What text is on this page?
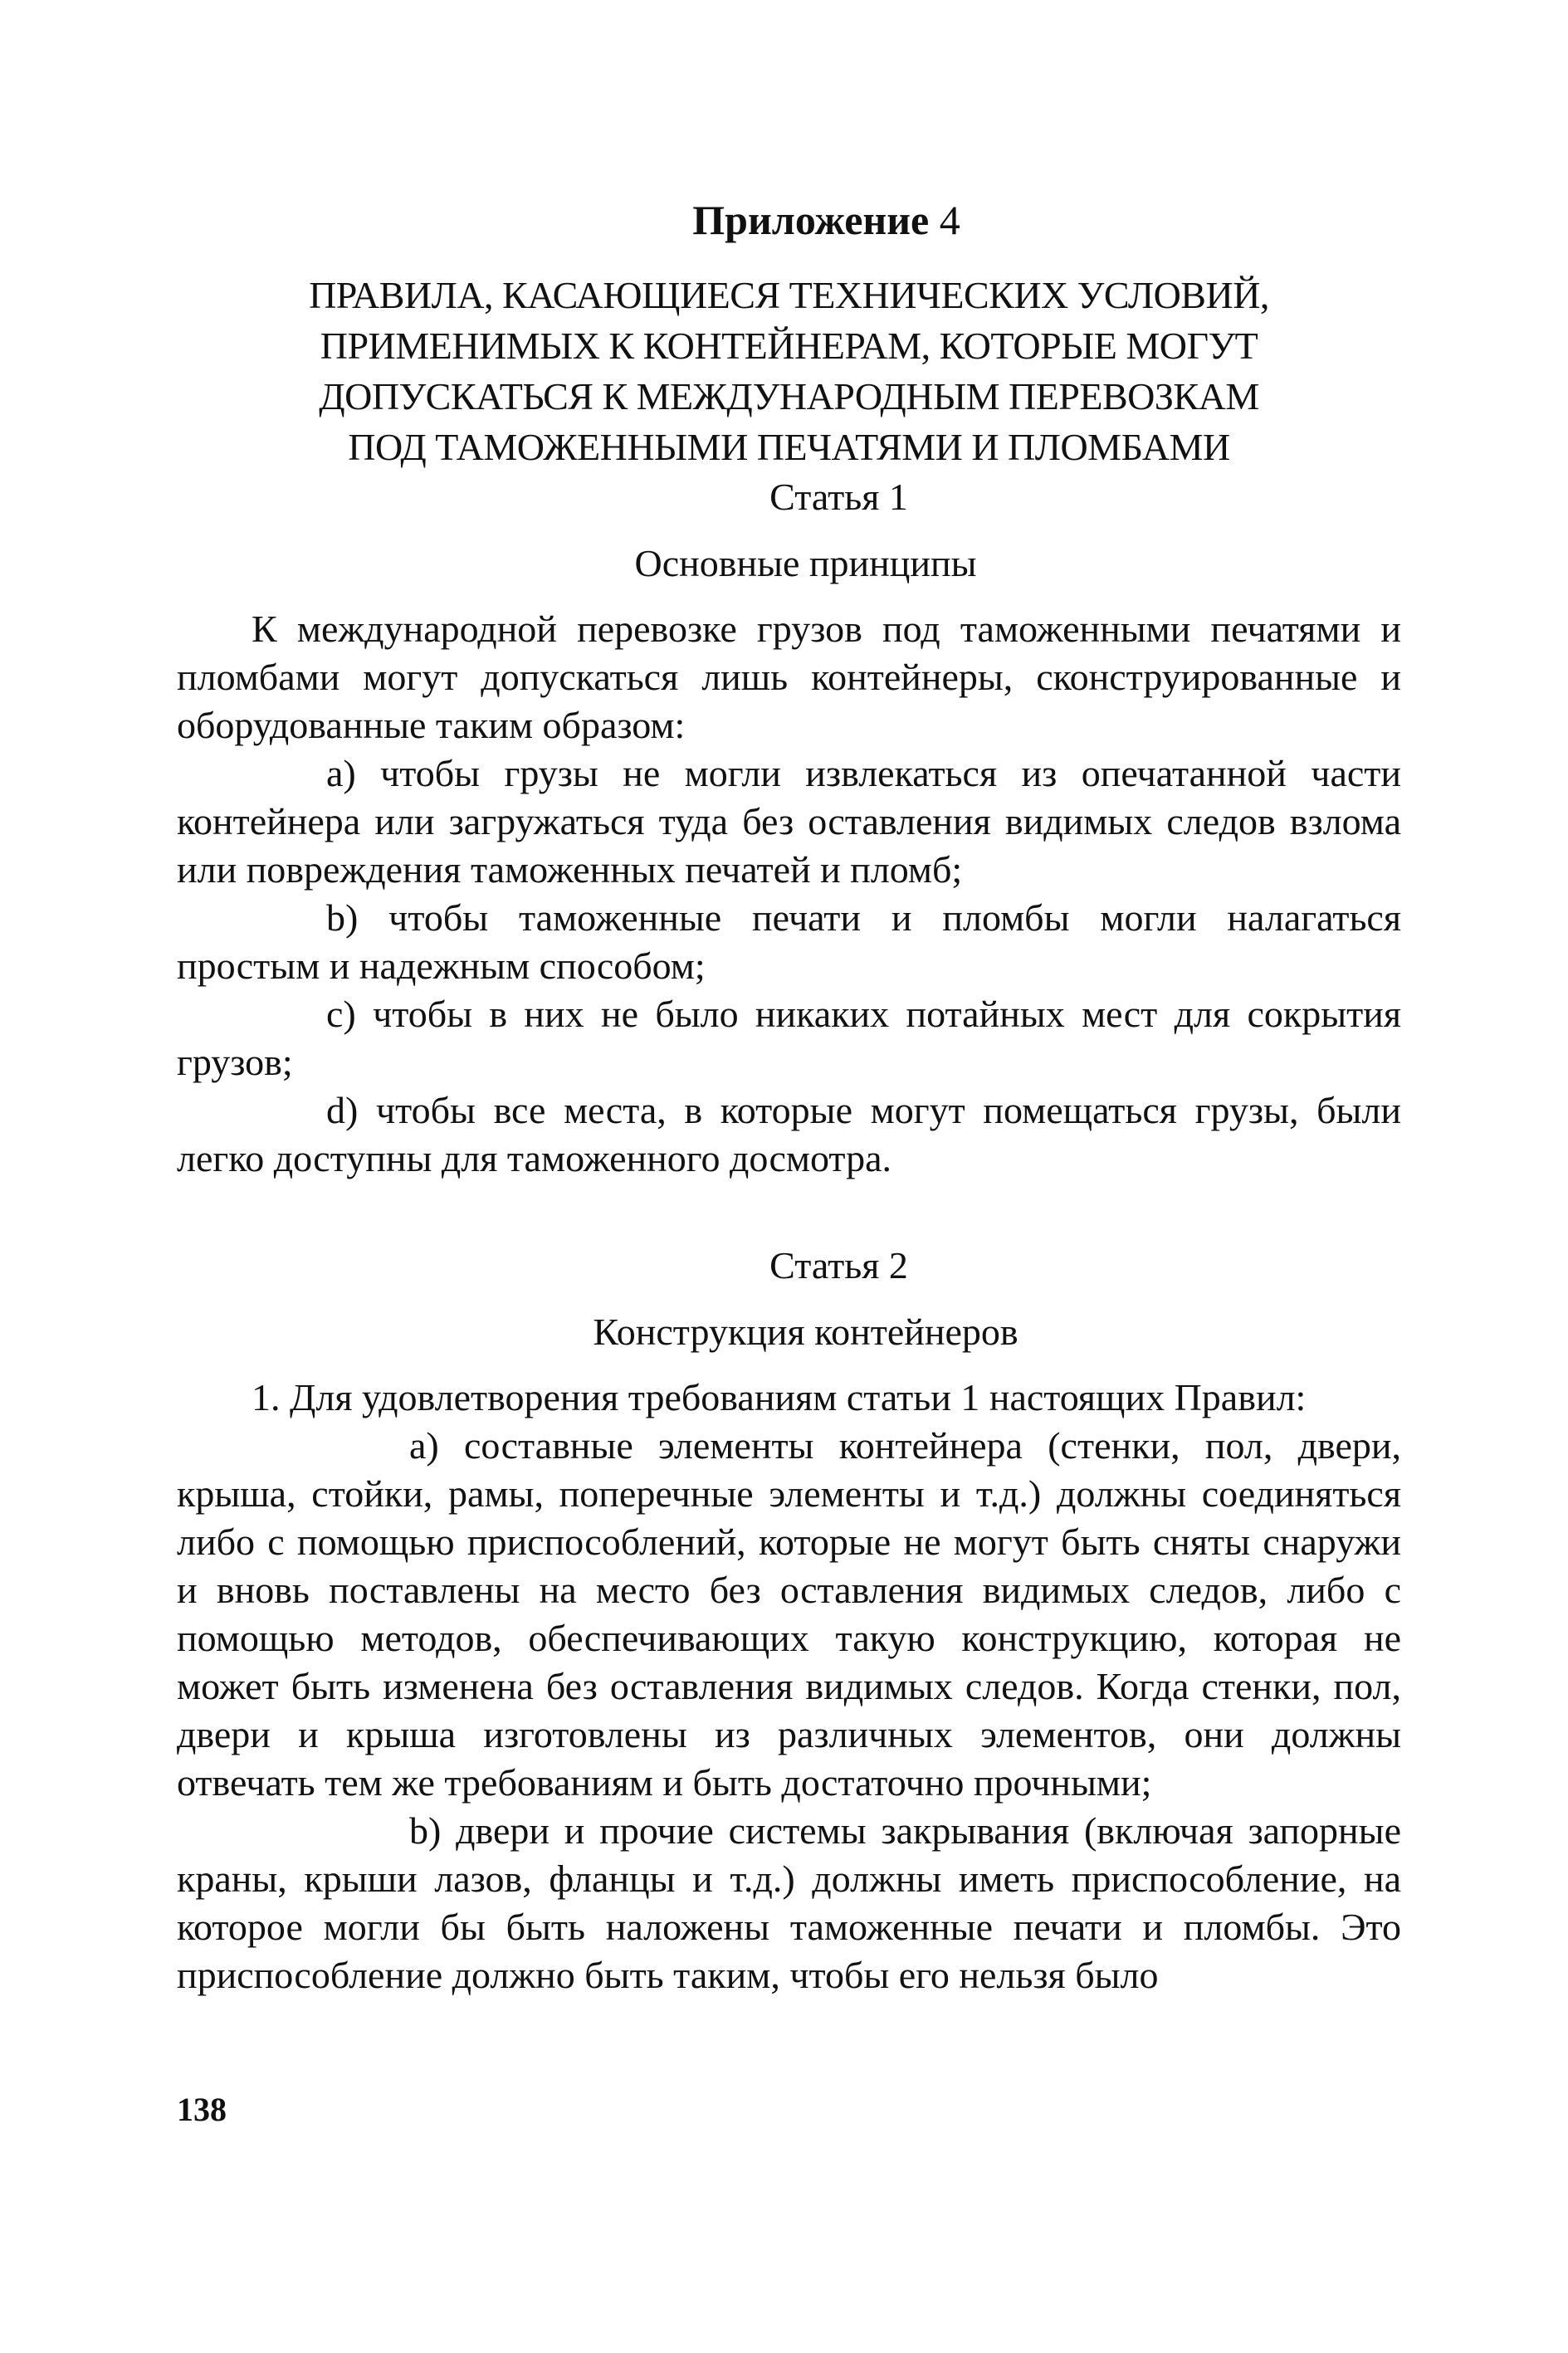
Приложение 4
ПРАВИЛА, КАСАЮЩИЕСЯ ТЕХНИЧЕСКИХ УСЛОВИЙ,
ПРИМЕНИМЫХ К КОНТЕЙНЕРАМ, КОТОРЫЕ МОГУТ
ДОПУСКАТЬСЯ К МЕЖДУНАРОДНЫМ ПЕРЕВОЗКАМ
ПОД ТАМОЖЕННЫМИ ПЕЧАТЯМИ И ПЛОМБАМИ
Статья 1
Основные принципы

К международной перевозке грузов под таможенными печатями и пломбами могут допускаться лишь контейнеры, сконструированные и оборудованные таким образом:

a) чтобы грузы не могли извлекаться из опечатанной части контейнера или загружаться туда без оставления видимых следов взлома или повреждения таможенных печатей и пломб;

b) чтобы таможенные печати и пломбы могли налагаться простым и надежным способом;

c) чтобы в них не было никаких потайных мест для сокрытия грузов;

d) чтобы все места, в которые могут помещаться грузы, были легко доступны для таможенного досмотра.

Статья 2
Конструкция контейнеров

1. Для удовлетворения требованиям статьи 1 настоящих Правил:

a) составные элементы контейнера (стенки, пол, двери, крыша, стойки, рамы, поперечные элементы и т.д.) должны соединяться либо с помощью приспособлений, которые не могут быть сняты снаружи и вновь поставлены на место без оставления видимых следов, либо с помощью методов, обеспечивающих такую конструкцию, которая не может быть изменена без оставления видимых следов. Когда стенки, пол, двери и крыша изготовлены из различных элементов, они должны отвечать тем же требованиям и быть достаточно прочными;

b) двери и прочие системы закрывания (включая запорные краны, крыши лазов, фланцы и т.д.) должны иметь приспособление, на которое могли бы быть наложены таможенные печати и пломбы. Это приспособление должно быть таким, чтобы его нельзя было

138
